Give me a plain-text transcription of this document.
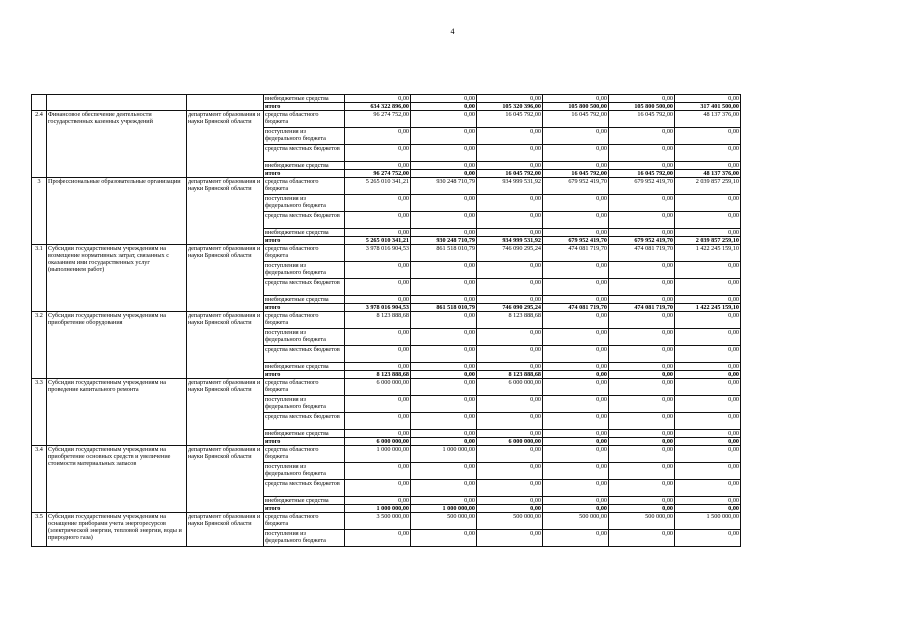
4
			внебюджетные средства	0,00	0,00	0,00	0,00	0,00	0,00
			итого	634 322 896,00	0,00	105 320 396,00	105 800 500,00	105 800 500,00	317 401 500,00
2.4	Финансовое обеспечение деятельности государственных казенных учреждений	департамент образования и науки Брянской области	средства областного бюджета	96 274 752,00	0,00	16 045 792,00	16 045 792,00	16 045 792,00	48 137 376,00
			поступления из федерального бюджета	0,00	0,00	0,00	0,00	0,00	0,00
			средства местных бюджетов	0,00	0,00	0,00	0,00	0,00	0,00
			внебюджетные средства	0,00	0,00	0,00	0,00	0,00	0,00
			итого	96 274 752,00	0,00	16 045 792,00	16 045 792,00	16 045 792,00	48 137 376,00
3	Профессиональные образовательные организации	департамент образования и науки Брянской области	средства областного бюджета	5 265 010 341,21	930 248 710,79	934 999 531,92	679 952 419,70	679 952 419,70	2 039 857 259,10
			поступления из федерального бюджета	0,00	0,00	0,00	0,00	0,00	0,00
			средства местных бюджетов	0,00	0,00	0,00	0,00	0,00	0,00
			внебюджетные средства	0,00	0,00	0,00	0,00	0,00	0,00
			итого	5 265 010 341,21	930 248 710,79	934 999 531,92	679 952 419,70	679 952 419,70	2 039 857 259,10
3.1	Субсидии государственным учреждениям на возмещение нормативных затрат, связанных с оказанием ими государственных услуг (выполнением работ)	департамент образования и науки Брянской области	средства областного бюджета	3 978 016 904,53	861 518 010,79	746 090 295,24	474 081 719,70	474 081 719,70	1 422 245 159,10
			поступления из федерального бюджета	0,00	0,00	0,00	0,00	0,00	0,00
			средства местных бюджетов	0,00	0,00	0,00	0,00	0,00	0,00
			внебюджетные средства	0,00	0,00	0,00	0,00	0,00	0,00
			итого	3 978 016 904,53	861 518 010,79	746 090 295,24	474 081 719,70	474 081 719,70	1 422 245 159,10
3.2	Субсидии государственным учреждениям на приобретение оборудования	департамент образования и науки Брянской области	средства областного бюджета	8 123 888,68	0,00	8 123 888,68	0,00	0,00	0,00
			поступления из федерального бюджета	0,00	0,00	0,00	0,00	0,00	0,00
			средства местных бюджетов	0,00	0,00	0,00	0,00	0,00	0,00
			внебюджетные средства	0,00	0,00	0,00	0,00	0,00	0,00
			итого	8 123 888,68	0,00	8 123 888,68	0,00	0,00	0,00
3.3	Субсидии государственным учреждениям на проведение капитального ремонта	департамент образования и науки Брянской области	средства областного бюджета	6 000 000,00	0,00	6 000 000,00	0,00	0,00	0,00
			поступления из федерального бюджета	0,00	0,00	0,00	0,00	0,00	0,00
			средства местных бюджетов	0,00	0,00	0,00	0,00	0,00	0,00
			внебюджетные средства	0,00	0,00	0,00	0,00	0,00	0,00
			итого	6 000 000,00	0,00	6 000 000,00	0,00	0,00	0,00
3.4	Субсидии государственным учреждениям на приобретение основных средств и увеличение стоимости материальных запасов	департамент образования и науки Брянской области	средства областного бюджета	1 000 000,00	1 000 000,00	0,00	0,00	0,00	0,00
			поступления из федерального бюджета	0,00	0,00	0,00	0,00	0,00	0,00
			средства местных бюджетов	0,00	0,00	0,00	0,00	0,00	0,00
			внебюджетные средства	0,00	0,00	0,00	0,00	0,00	0,00
			итого	1 000 000,00	1 000 000,00	0,00	0,00	0,00	0,00
3.5	Субсидии государственным учреждениям на оснащение приборами учета энергоресурсов (электрической энергии, тепловой энергии, воды и природного газа)	департамент образования и науки Брянской области	средства областного бюджета	3 500 000,00	500 000,00	500 000,00	500 000,00	500 000,00	1 500 000,00
			поступления из федерального бюджета	0,00	0,00	0,00	0,00	0,00	0,00
